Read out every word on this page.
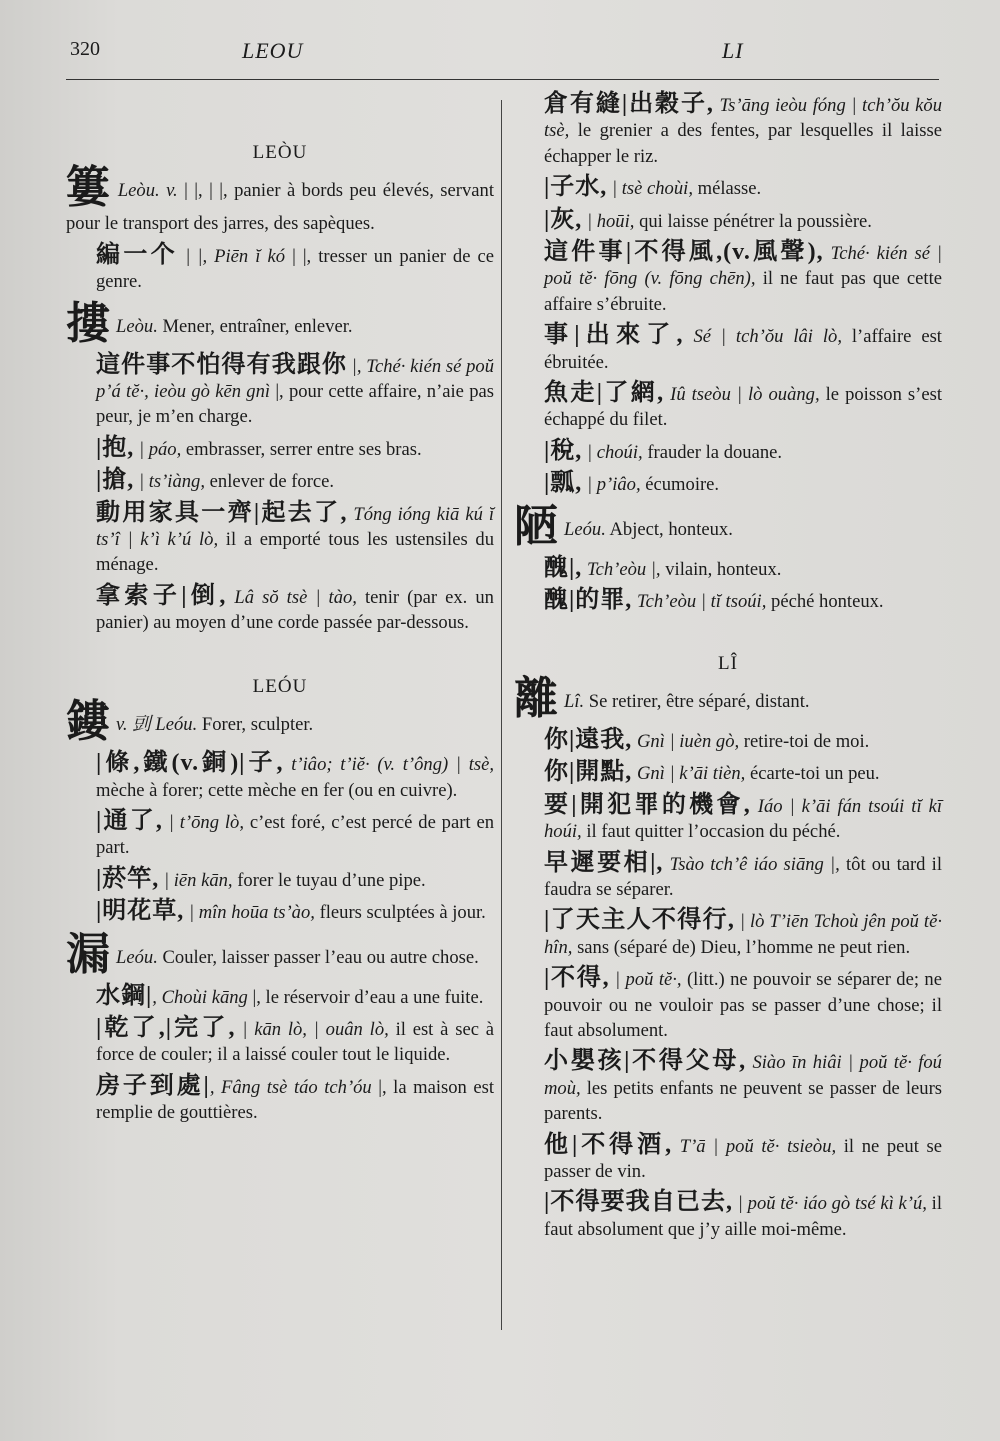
320	LEOU	LI

LEÒU

簍 Leòu. v. | |, | |, panier à bords peu élevés, servant pour le transport des jarres, des sapèques.

編一个 | |, Piēn ĭ kó | |, tresser un panier de ce genre.

摟 Leòu. Mener, entraîner, enlever.

這件事不怕得有我跟你 |, Tché· kién sé poŭ p’á tĕ·, ieòu gò kēn gnì |, pour cette affaire, n’aie pas peur, je m’en charge.

|抱, | páo, embrasser, serrer entre ses bras.

|搶, | ts’iàng, enlever de force.

動用家具一齊|起去了, Tóng ióng kiā kú ĭ ts’î | k’ì k’ú lò, il a emporté tous les ustensiles du ménage.

拿索子|倒, Lâ sŏ tsè | tào, tenir (par ex. un panier) au moyen d’une corde passée par-dessous.

LEÓU

鏤v. 剅 Leóu. Forer, sculpter.

|條,鐵(v.銅)|子, t’iâo; t’iĕ· (v. t’ông) | tsè, mèche à forer; cette mèche en fer (ou en cuivre).

|通了, | t’ōng lò, c’est foré, c’est percé de part en part.

|菸竿, | iēn kān, forer le tuyau d’une pipe.

|明花草, | mîn hoūa ts’ào, fleurs sculptées à jour.

漏 Leóu. Couler, laisser passer l’eau ou autre chose.

水鋼|, Choùi kāng |, le réservoir d’eau a une fuite.

|乾了,|完了, | kān lò, | ouân lò, il est à sec à force de couler; il a laissé couler tout le liquide.

房子到處|, Fâng tsè táo tch’óu |, la maison est remplie de gouttières.

倉有縫|出穀子, Ts’āng ieòu fóng | tch’ŏu kŏu tsè, le grenier a des fentes, par lesquelles il laisse échapper le riz.

|子水, | tsè choùi, mélasse.

|灰, | hoūi, qui laisse pénétrer la poussière.

這件事|不得風,(v.風聲), Tché· kién sé | poŭ tĕ· fōng (v. fōng chēn), il ne faut pas que cette affaire s’ébruite.

事|出來了, Sé | tch’ŏu lâi lò, l’affaire est ébruitée.

魚走|了網, Iû tseòu | lò ouàng, le poisson s’est échappé du filet.

|稅, | choúi, frauder la douane.

|瓢, | p’iâo, écumoire.

陋 Leóu. Abject, honteux.

醜|, Tch’eòu |, vilain, honteux.

醜|的罪, Tch’eòu | tĭ tsoúi, péché honteux.

LÎ

離 Lî. Se retirer, être séparé, distant.

你|遠我, Gnì | iuèn gò, retire-toi de moi.

你|開點, Gnì | k’āi tièn, écarte-toi un peu.

要|開犯罪的機會, Iáo | k’āi fán tsoúi tĭ kī hoúi, il faut quitter l’occasion du péché.

早遲要相|, Tsào tch’ê iáo siāng |, tôt ou tard il faudra se séparer.

|了天主人不得行, | lò T’iēn Tchoù jên poŭ tĕ· hîn, sans (séparé de) Dieu, l’homme ne peut rien.

|不得, | poŭ tĕ·, (litt.) ne pouvoir se séparer de; ne pouvoir ou ne vouloir pas se passer d’une chose; il faut absolument.

小嬰孩|不得父母, Siào īn hiâi | poŭ tĕ· foú moù, les petits enfants ne peuvent se passer de leurs parents.

他|不得酒, T’ā | poŭ tĕ· tsieòu, il ne peut se passer de vin.

|不得要我自已去, | poŭ tĕ· iáo gò tsé kì k’ú, il faut absolument que j’y aille moi-même.
